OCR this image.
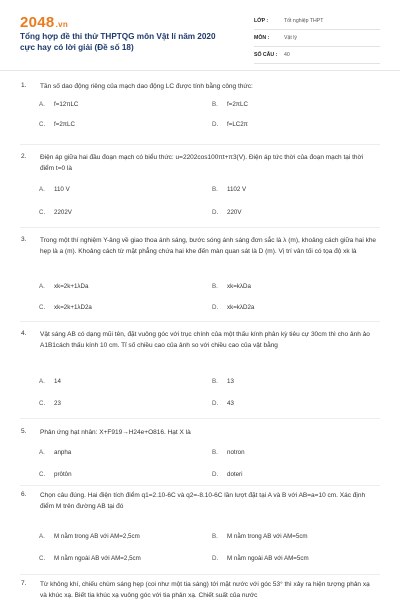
2048.vn
Tổng hợp đề thi thử THPTQG môn Vật lí năm 2020 cực hay có lời giải (Đề số 18)
LỚP :	Tốt nghiệp THPT
MÔN :	Vật lý
SỐ CÂU : 40
1. Tần số dao động riêng của mạch dao động LC được tính bằng công thức:
A. f=12πLC	B. f=2πLC
C. f=2πLC	D. f=LC2π
2. Điện áp giữa hai đầu đoạn mạch có biểu thức: u=2202cos100πt+π3(V). Điện áp tức thời của đoạn mạch tại thời điểm t=0 là
A. 110 V	B. 1102 V
C. 2202V	D. 220V
3. Trong một thí nghiệm Y-âng về giao thoa ánh sáng, bước sóng ánh sáng đơn sắc là λ (m), khoảng cách giữa hai khe hẹp là a (m). Khoảng cách từ mặt phẳng chứa hai khe đến màn quan sát là D (m). Vị trí vân tối có tọa độ xk là
A. xk=2k+1λDa	B. xk=kλDa
C. xk=2k+1λD2a	D. xk=kλD2a
4. Vật sáng AB có dạng mũi tên, đặt vuông góc với trục chính của một thấu kính phân kỳ tiêu cự 30cm thì cho ảnh ảo A1B1cách thấu kính 10 cm. Tỉ số chiều cao của ảnh so với chiều cao của vật bằng
A. 14	B. 13
C. 23	D. 43
5. Phản ứng hạt nhân: X+F919→H24e+O816. Hạt X là
A. anpha	B. notron
C. prôtôn	D. doteri
6. Chọn câu đúng. Hai điện tích điểm q1=2.10-6C và q2=-8.10-6C lần lượt đặt tại A và B với AB=a=10 cm. Xác định điểm M trên đường AB tại đó
A. M nằm trong AB với AM=2,5cm	B. M nằm trong AB với AM=5cm
C. M nằm ngoài AB với AM=2,5cm	D. M nằm ngoài AB với AM=5cm
7. Từ không khí, chiếu chùm sáng hẹp (coi như một tia sáng) tới mặt nước với góc 53° thì xảy ra hiện tượng phản xạ và khúc xạ. Biết tia khúc xạ vuông góc với tia phản xạ. Chiết suất của nước
